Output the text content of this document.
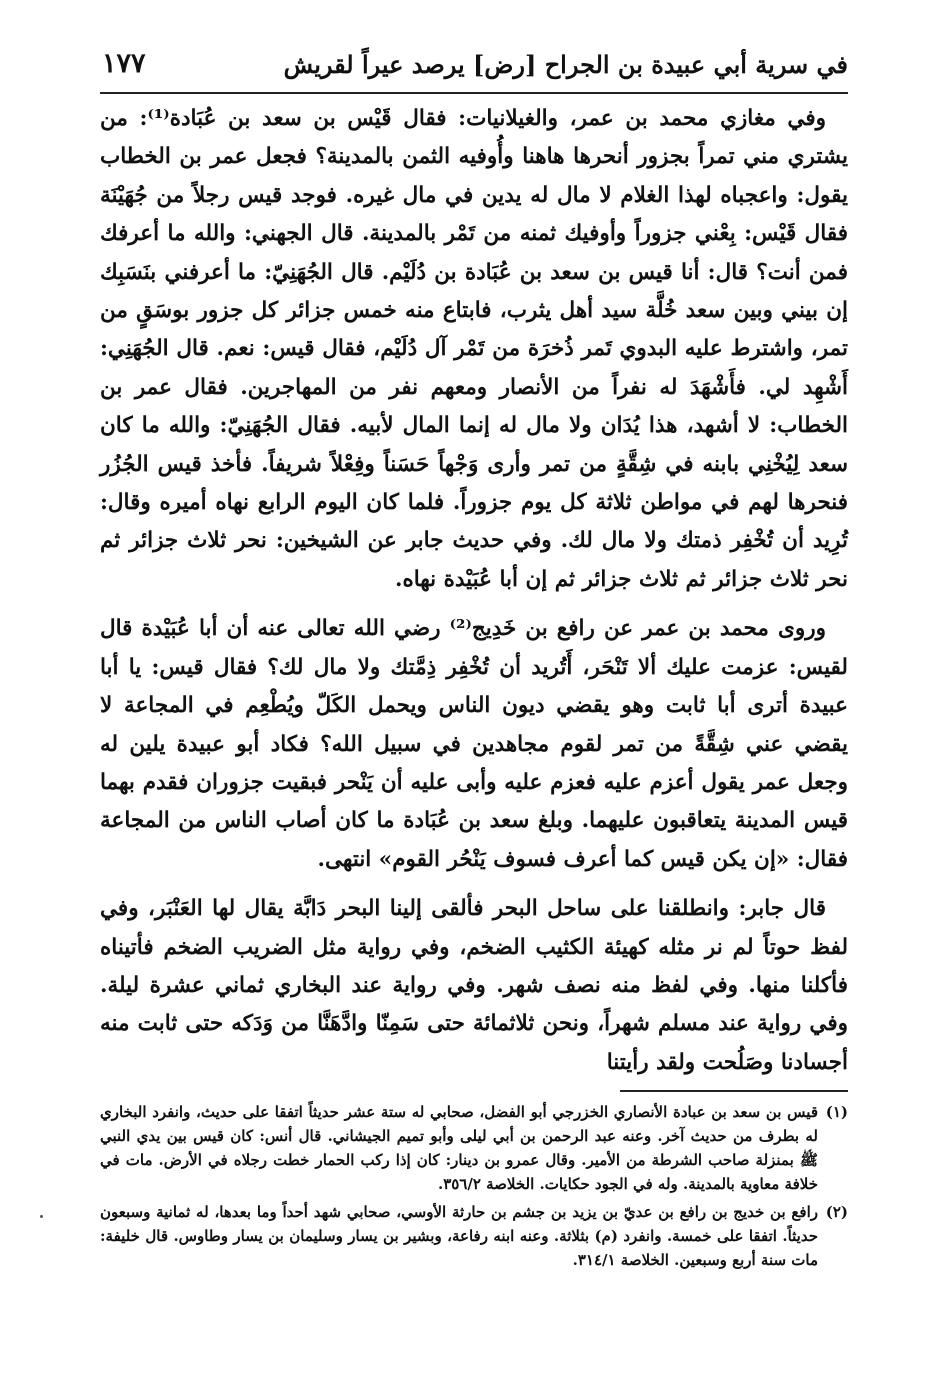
في سرية أبي عبيدة بن الجراح [رض] يرصد عيراً لقريش
١٧٧

وفي مغازي محمد بن عمر، والغيلانيات: فقال قَيْس بن سعد بن عُبَادة⁽¹⁾: من يشتري مني تمراً بجزور أنحرها هاهنا وأُوفيه الثمن بالمدينة؟ فجعل عمر بن الخطاب يقول: واعجباه لهذا الغلام لا مال له يدين في مال غيره. فوجد قيس رجلاً من جُهَيْنَة فقال قَيْس: بِعْني جزوراً وأوفيك ثمنه من تَمْر بالمدينة. قال الجهني: والله ما أعرفك فمن أنت؟ قال: أنا قيس بن سعد بن عُبَادة بن دُلَيْم. قال الجُهَنِيّ: ما أعرفني بنَسَبِك إن بيني وبين سعد خُلَّة سيد أهل يثرب، فابتاع منه خمس جزائر كل جزور بوسَقٍ من تمر، واشترط عليه البدوي تَمر ذُخرَة من تَمْر آل دُلَيْم، فقال قيس: نعم. قال الجُهَنِي: أَشْهِد لي. فأَشْهَدَ له نفراً من الأنصار ومعهم نفر من المهاجرين. فقال عمر بن الخطاب: لا أشهد، هذا يُدَان ولا مال له إنما المال لأبيه. فقال الجُهَنِيّ: والله ما كان سعد لِيُخْنِي بابنه في شِقَّةٍ من تمر وأرى وَجْهاً حَسَناً وفِعْلاً شريفاً. فأخذ قيس الجُزُر فنحرها لهم في مواطن ثلاثة كل يوم جزوراً. فلما كان اليوم الرابع نهاه أميره وقال: تُرِيد أن تُخْفِر ذمتك ولا مال لك. وفي حديث جابر عن الشيخين: نحر ثلاث جزائر ثم نحر ثلاث جزائر ثم ثلاث جزائر ثم إن أبا عُبَيْدة نهاه.

وروى محمد بن عمر عن رافع بن خَدِيج⁽²⁾ رضي الله تعالى عنه أن أبا عُبَيْدة قال لقيس: عزمت عليك ألا تَنْحَر، أَتُريد أن تُخْفِر ذِمَّتك ولا مال لك؟ فقال قيس: يا أبا عبيدة أترى أبا ثابت وهو يقضي ديون الناس ويحمل الكَلّ ويُطْعِم في المجاعة لا يقضي عني شِقَّةً من تمر لقوم مجاهدين في سبيل الله؟ فكاد أبو عبيدة يلين له وجعل عمر يقول أعزم عليه فعزم عليه وأبى عليه أن يَنْحر فبقيت جزوران فقدم بهما قيس المدينة يتعاقبون عليهما. وبلغ سعد بن عُبَادة ما كان أصاب الناس من المجاعة فقال: «إن يكن قيس كما أعرف فسوف يَنْحُر القوم» انتهى.

قال جابر: وانطلقنا على ساحل البحر فألقى إلينا البحر دَابَّة يقال لها العَنْبَر، وفي لفظ حوتاً لم نر مثله كهيئة الكثيب الضخم، وفي رواية مثل الضريب الضخم فأتيناه فأكلنا منها. وفي لفظ منه نصف شهر. وفي رواية عند البخاري ثماني عشرة ليلة. وفي رواية عند مسلم شهراً، ونحن ثلاثمائة حتى سَمِنّا وادَّهَنَّا من وَدَكه حتى ثابت منه أجسادنا وصَلُحت ولقد رأيتنا

(١)
قيس بن سعد بن عبادة الأنصاري الخزرجي أبو الفضل، صحابي له ستة عشر حديثاً اتفقا على حديث، وانفرد البخاري له بطرف من حديث آخر. وعنه عبد الرحمن بن أبي ليلى وأبو تميم الجيشاني. قال أنس: كان قيس بين يدي النبي ﷺ بمنزلة صاحب الشرطة من الأمير. وقال عمرو بن دينار: كان إذا ركب الحمار خطت رجلاه في الأرض. مات في خلافة معاوية بالمدينة. وله في الجود حكايات. الخلاصة ٣٥٦/٢.
(٢)
رافع بن خديج بن رافع بن عديّ بن يزيد بن جشم بن حارثة الأوسي، صحابي شهد أحداً وما بعدها، له ثمانية وسبعون حديثاً. اتفقا على خمسة. وانفرد (م) بثلاثة. وعنه ابنه رفاعة، وبشير بن يسار وسليمان بن يسار وطاوس. قال خليفة: مات سنة أربع وسبعين. الخلاصة ٣١٤/١.
